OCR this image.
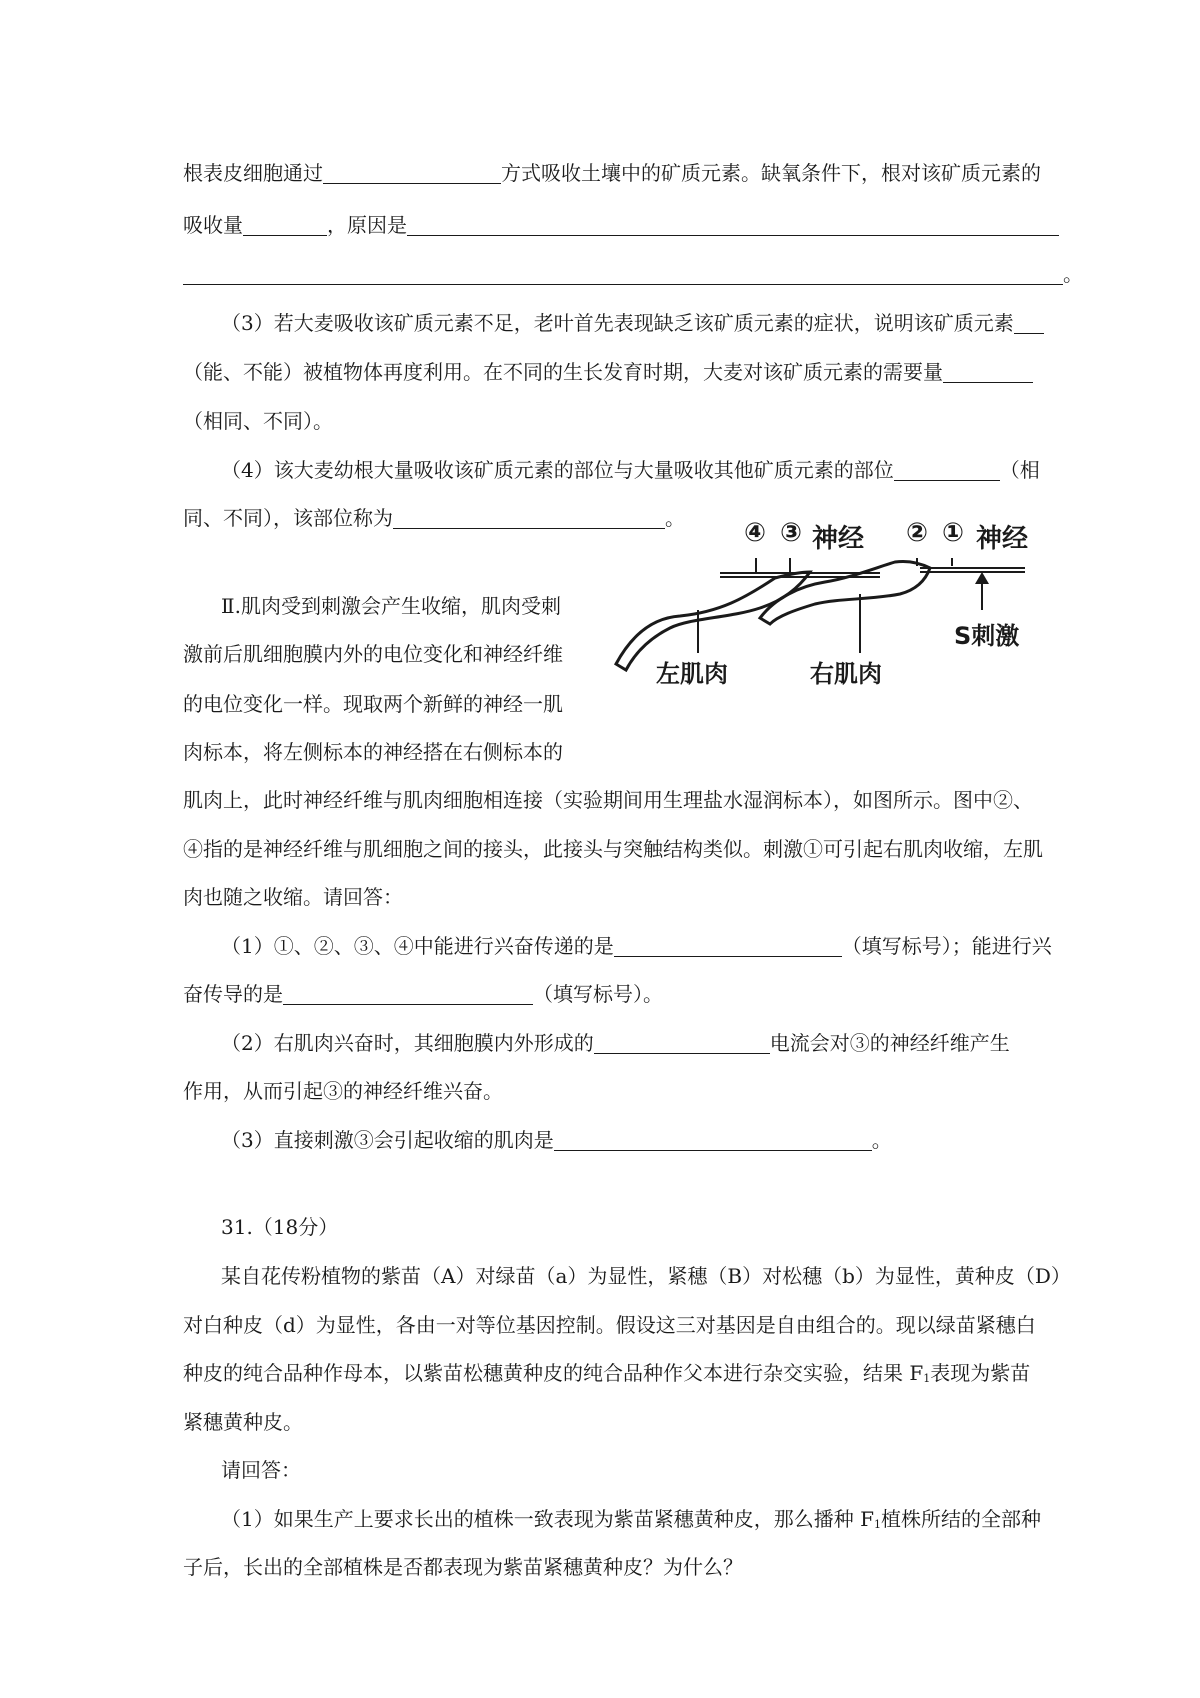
根表皮细胞通过	方式吸收土壤中的矿质元素。缺氧条件下，根对该矿质元素的
吸收量	，原因是
。
（3）若大麦吸收该矿质元素不足，老叶首先表现缺乏该矿质元素的症状，说明该矿质元素
（能、不能）被植物体再度利用。在不同的生长发育时期，大麦对该矿质元素的需要量
（相同、不同）。
（4）该大麦幼根大量吸收该矿质元素的部位与大量吸收其他矿质元素的部位	（相
同、不同），该部位称为	。
Ⅱ.肌肉受到刺激会产生收缩，肌肉受刺
激前后肌细胞膜内外的电位变化和神经纤维
的电位变化一样。现取两个新鲜的神经一肌
肉标本，将左侧标本的神经搭在右侧标本的
肌肉上，此时神经纤维与肌肉细胞相连接（实验期间用生理盐水湿润标本），如图所示。图中②、
④指的是神经纤维与肌细胞之间的接头，此接头与突触结构类似。刺激①可引起右肌肉收缩，左肌
肉也随之收缩。请回答：
（1）①、②、③、④中能进行兴奋传递的是	（填写标号）；能进行兴
奋传导的是	（填写标号）。
（2）右肌肉兴奋时，其细胞膜内外形成的	电流会对③的神经纤维产生
作用，从而引起③的神经纤维兴奋。
（3）直接刺激③会引起收缩的肌肉是	。
31.（18分）
某自花传粉植物的紫苗（A）对绿苗（a）为显性，紧穗（B）对松穗（b）为显性，黄种皮（D）
对白种皮（d）为显性，各由一对等位基因控制。假设这三对基因是自由组合的。现以绿苗紧穗白
种皮的纯合品种作母本，以紫苗松穗黄种皮的纯合品种作父本进行杂交实验，结果 F1表现为紫苗
紧穗黄种皮。
请回答：
（1）如果生产上要求长出的植株一致表现为紫苗紧穗黄种皮，那么播种 F1植株所结的全部种
子后，长出的全部植株是否都表现为紫苗紧穗黄种皮？为什么？
左肌肉	右肌肉
S刺激
④ ③ 神经 ② ① 神经
